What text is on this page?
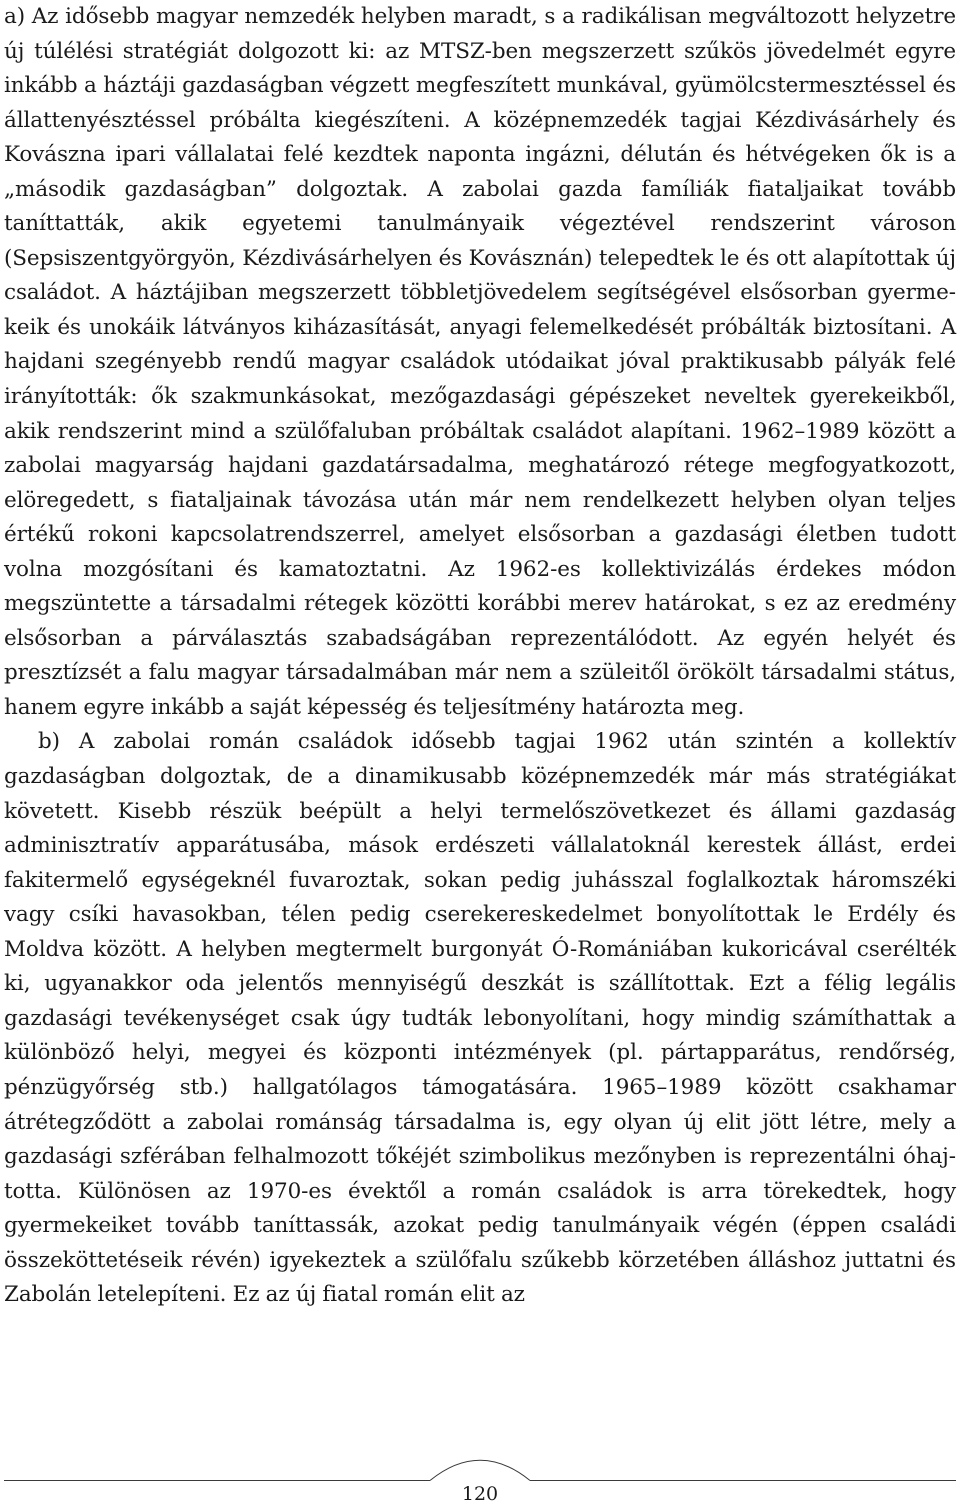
a) Az idősebb magyar nemzedék helyben maradt, s a radikálisan megváltozott helyzetre új túlélési stratégiát dolgozott ki: az MTSZ-ben megszerzett szűkös jövedelmét egyre inkább a háztáji gazdaságban végzett megfeszített munkával, gyümölcstermesztéssel és állattenyésztéssel próbálta kiegészíteni. A középnemzedék tagjai Kézdivásárhely és Kovászna ipari vállalatai felé kezdtek naponta ingázni, délután és hétvégeken ők is a „második gazdaságban” dolgoztak. A zabolai gazda famíliák fiataljaikat tovább taníttatták, akik egyetemi tanulmányaik végeztével rendszerint városon (Sepsiszentgyörgyön, Kézdivásárhelyen és Kovásznán) telepedtek le és ott alapítottak új családot. A háztájiban megszerzett többletjövedelem segítségével elsősorban gyermekeik és unokáik látványos kiházasítását, anyagi felemelkedését próbálták biztosítani. A hajdani szegényebb rendű magyar családok utódaikat jóval praktikusabb pályák felé irányították: ők szakmunkásokat, mezőgazdasági gépészeket neveltek gyerekeikből, akik rendszerint mind a szülőfaluban próbáltak családot alapítani. 1962–1989 között a zabolai magyarság hajdani gazdatársadalma, meghatározó rétege megfogyatkozott, elöregedett, s fiataljainak távozása után már nem rendelkezett helyben olyan teljes értékű rokoni kapcsolatrendszerrel, amelyet elsősorban a gazdasági életben tudott volna mozgósítani és kamatoztatni. Az 1962-es kollektivizálás érdekes módon megszüntette a társadalmi rétegek közötti korábbi merev határokat, s ez az eredmény elsősorban a párválasztás szabadságában reprezentálódott. Az egyén helyét és presztízsét a falu magyar társadalmában már nem a szüleitől örökölt társadalmi státus, hanem egyre inkább a saját képesség és teljesítmény határozta meg.

b) A zabolai román családok idősebb tagjai 1962 után szintén a kollektív gazdaságban dolgoztak, de a dinamikusabb középnemzedék már más stratégiákat követett. Kisebb részük beépült a helyi termelőszövetkezet és állami gazdaság adminisztratív apparátusába, mások erdészeti vállalatoknál kerestek állást, erdei fakitermelő egységeknél fuvaroztak, sokan pedig juhásszal foglalkoztak háromszéki vagy csíki havasokban, télen pedig cserekereskedelmet bonyolítottak le Erdély és Moldva között. A helyben megtermelt burgonyát Ó-Romániában kukoricával cserélték ki, ugyanakkor oda jelentős mennyiségű deszkát is szállítottak. Ezt a félig legális gazdasági tevékenységet csak úgy tudták lebonyolítani, hogy mindig számíthattak a különböző helyi, megyei és központi intézmények (pl. pártapparátus, rendőrség, pénzügyőrség stb.) hallgatólagos támogatására. 1965–1989 között csakhamar átrétegződött a zabolai románság társadalma is, egy olyan új elit jött létre, mely a gazdasági szférában felhalmozott tőkéjét szimbolikus mezőnyben is reprezentálni óhajtotta. Különösen az 1970-es évektől a román családok is arra törekedtek, hogy gyermekeiket tovább taníttassák, azokat pedig tanulmányaik végén (éppen családi összeköttetéseik révén) igyekeztek a szülőfalu szűkebb körzetében álláshoz juttatni és Zabolán letelepíteni. Ez az új fiatal román elit az

120
